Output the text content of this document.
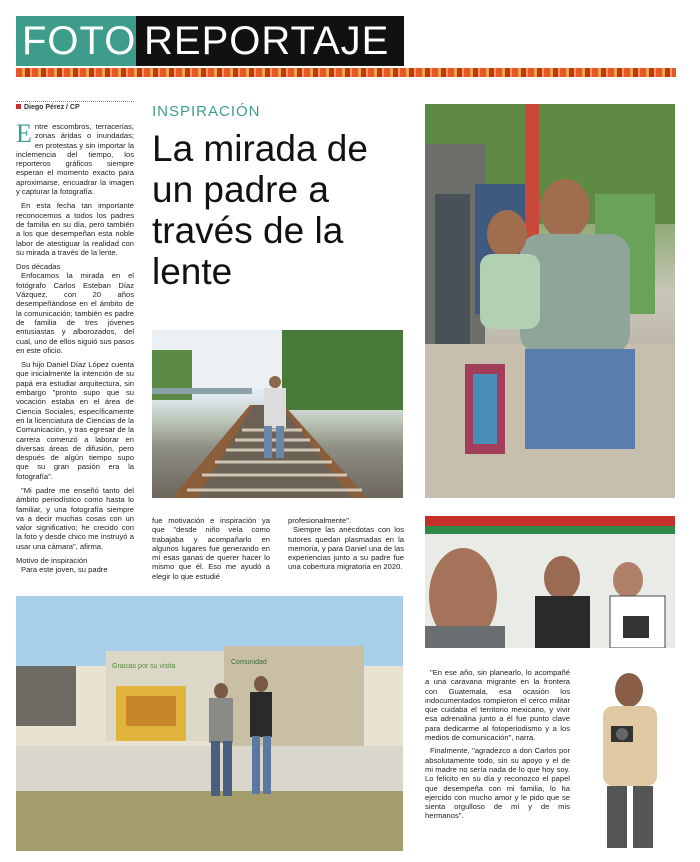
FOTO REPORTAJE
Diego Pérez / CP	INSPIRACIÓN
La mirada de un padre a través de la lente

Entre escombros, terracerías, zonas áridas o inundadas; en protestas y sin importar la inclemencia del tiempo, los reporteros gráficos siempre esperan el momento exacto para aproximarse, encuadrar la imagen y capturar la fotografía.

En esta fecha tan importante reconocemos a todos los padres de familia en su día, pero también a los que desempeñan esta noble labor de atestiguar la realidad con su mirada a través de la lente.

Dos décadas

Enfocamos la mirada en el fotógrafo Carlos Esteban Díaz Vázquez, con 20 años desempeñándose en el ámbito de la comunicación; también es padre de familia de tres jóvenes entusiastas y alborozados, del cual, uno de ellos siguió sus pasos en este oficio.

Su hijo Daniel Díaz López cuenta que inicialmente la intención de su papá era estudiar arquitectura, sin embargo "pronto supo que su vocación estaba en el área de Ciencia Sociales, específicamente en la licenciatura de Ciencias de la Comunicación, y tras egresar de la carrera comenzó a laborar en diversas áreas de difusión, pero después de algún tiempo supo que su gran pasión era la fotografía".

"Mi padre me enseñó tanto del ámbito periodístico como hasta lo familiar, y una fotografía siempre va a decir muchas cosas con un valor significativo; he crecido con la foto y desde chico me instruyó a usar una cámara", afirma.

Motivo de inspiración

Para este joven, su padre

fue motivación e inspiración ya que "desde niño veía como trabajaba y acompañarlo en algunos lugares fue generando en mí esas ganas de querer hacer lo mismo que él. Eso me ayudó a elegir lo que estudié
profesionalmente".
Siempre las anécdotas con los tutores quedan plasmadas en la memoria, y para Daniel una de las experiencias junto a su padre fue una cobertura migratoria en 2020.
"En ese año, sin planearlo, lo acompañé a una caravana migrante en la frontera con Guatemala, esa ocasión los indocumentados rompieron el cerco militar que cuidaba el territorio mexicano, y vivir esa adrenalina junto a él fue punto clave para dedicarme al fotoperiodismo y a los medios de comunicación", narra.
Finalmente, "agradezco a don Carlos por absolutamente todo, sin su apoyo y el de mi madre no sería nada de lo que hoy soy. Lo felicito en su día y reconozco el papel que desempeña con mi familia, lo ha ejercido con mucho amor y le pido que se sienta orgulloso de mí y de mis hermanos".
Gracias por su visita
Comunidad
